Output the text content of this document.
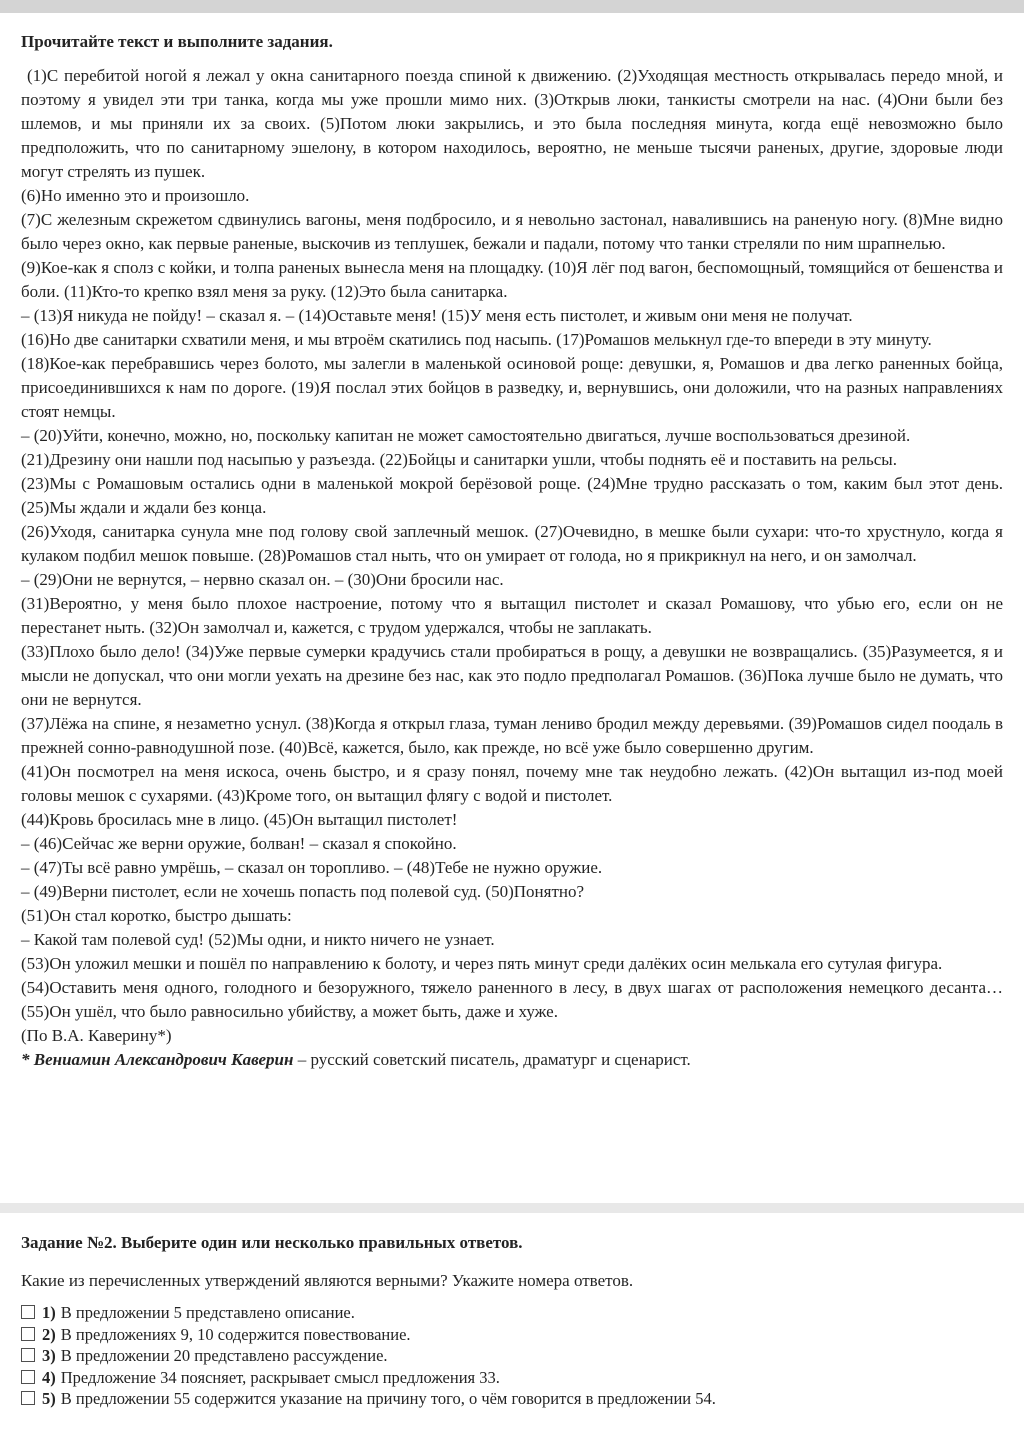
Прочитайте текст и выполните задания.

(1)С перебитой ногой я лежал у окна санитарного поезда спиной к движению. (2)Уходящая местность открывалась передо мной, и поэтому я увидел эти три танка, когда мы уже прошли мимо них. (3)Открыв люки, танкисты смотрели на нас. (4)Они были без шлемов, и мы приняли их за своих. (5)Потом люки закрылись, и это была последняя минута, когда ещё невозможно было предположить, что по санитарному эшелону, в котором находилось, вероятно, не меньше тысячи раненых, другие, здоровые люди могут стрелять из пушек.

(6)Но именно это и произошло.

(7)С железным скрежетом сдвинулись вагоны, меня подбросило, и я невольно застонал, навалившись на раненую ногу. (8)Мне видно было через окно, как первые раненые, выскочив из теплушек, бежали и падали, потому что танки стреляли по ним шрапнелью.

(9)Кое-как я сполз с койки, и толпа раненых вынесла меня на площадку. (10)Я лёг под вагон, беспомощный, томящийся от бешенства и боли. (11)Кто-то крепко взял меня за руку. (12)Это была санитарка.

– (13)Я никуда не пойду! – сказал я. – (14)Оставьте меня! (15)У меня есть пистолет, и живым они меня не получат.

(16)Но две санитарки схватили меня, и мы втроём скатились под насыпь. (17)Ромашов мелькнул где-то впереди в эту минуту.

(18)Кое-как перебравшись через болото, мы залегли в маленькой осиновой роще: девушки, я, Ромашов и два легко раненных бойца, присоединившихся к нам по дороге. (19)Я послал этих бойцов в разведку, и, вернувшись, они доложили, что на разных направлениях стоят немцы.

– (20)Уйти, конечно, можно, но, поскольку капитан не может самостоятельно двигаться, лучше воспользоваться дрезиной.

(21)Дрезину они нашли под насыпью у разъезда. (22)Бойцы и санитарки ушли, чтобы поднять её и поставить на рельсы.

(23)Мы с Ромашовым остались одни в маленькой мокрой берёзовой роще. (24)Мне трудно рассказать о том, каким был этот день. (25)Мы ждали и ждали без конца.

(26)Уходя, санитарка сунула мне под голову свой заплечный мешок. (27)Очевидно, в мешке были сухари: что-то хрустнуло, когда я кулаком подбил мешок повыше. (28)Ромашов стал ныть, что он умирает от голода, но я прикрикнул на него, и он замолчал.

– (29)Они не вернутся, – нервно сказал он. – (30)Они бросили нас.

(31)Вероятно, у меня было плохое настроение, потому что я вытащил пистолет и сказал Ромашову, что убью его, если он не перестанет ныть. (32)Он замолчал и, кажется, с трудом удержался, чтобы не заплакать.

(33)Плохо было дело! (34)Уже первые сумерки крадучись стали пробираться в рощу, а девушки не возвращались. (35)Разумеется, я и мысли не допускал, что они могли уехать на дрезине без нас, как это подло предполагал Ромашов. (36)Пока лучше было не думать, что они не вернутся.

(37)Лёжа на спине, я незаметно уснул. (38)Когда я открыл глаза, туман лениво бродил между деревьями. (39)Ромашов сидел поодаль в прежней сонно-равнодушной позе. (40)Всё, кажется, было, как прежде, но всё уже было совершенно другим.

(41)Он посмотрел на меня искоса, очень быстро, и я сразу понял, почему мне так неудобно лежать. (42)Он вытащил из-под моей головы мешок с сухарями. (43)Кроме того, он вытащил флягу с водой и пистолет.

(44)Кровь бросилась мне в лицо. (45)Он вытащил пистолет!

– (46)Сейчас же верни оружие, болван! – сказал я спокойно.

– (47)Ты всё равно умрёшь, – сказал он торопливо. – (48)Тебе не нужно оружие.

– (49)Верни пистолет, если не хочешь попасть под полевой суд. (50)Понятно?

(51)Он стал коротко, быстро дышать:

– Какой там полевой суд! (52)Мы одни, и никто ничего не узнает.

(53)Он уложил мешки и пошёл по направлению к болоту, и через пять минут среди далёких осин мелькала его сутулая фигура.

(54)Оставить меня одного, голодного и безоружного, тяжело раненного в лесу, в двух шагах от расположения немецкого десанта… (55)Он ушёл, что было равносильно убийству, а может быть, даже и хуже.

(По В.А. Каверину*)

* Вениамин Александрович Каверин – русский советский писатель, драматург и сценарист.

Задание №2. Выберите один или несколько правильных ответов.

Какие из перечисленных утверждений являются верными? Укажите номера ответов.

1) В предложении 5 представлено описание.
2) В предложениях 9, 10 содержится повествование.
3) В предложении 20 представлено рассуждение.
4) Предложение 34 поясняет, раскрывает смысл предложения 33.
5) В предложении 55 содержится указание на причину того, о чём говорится в предложении 54.
